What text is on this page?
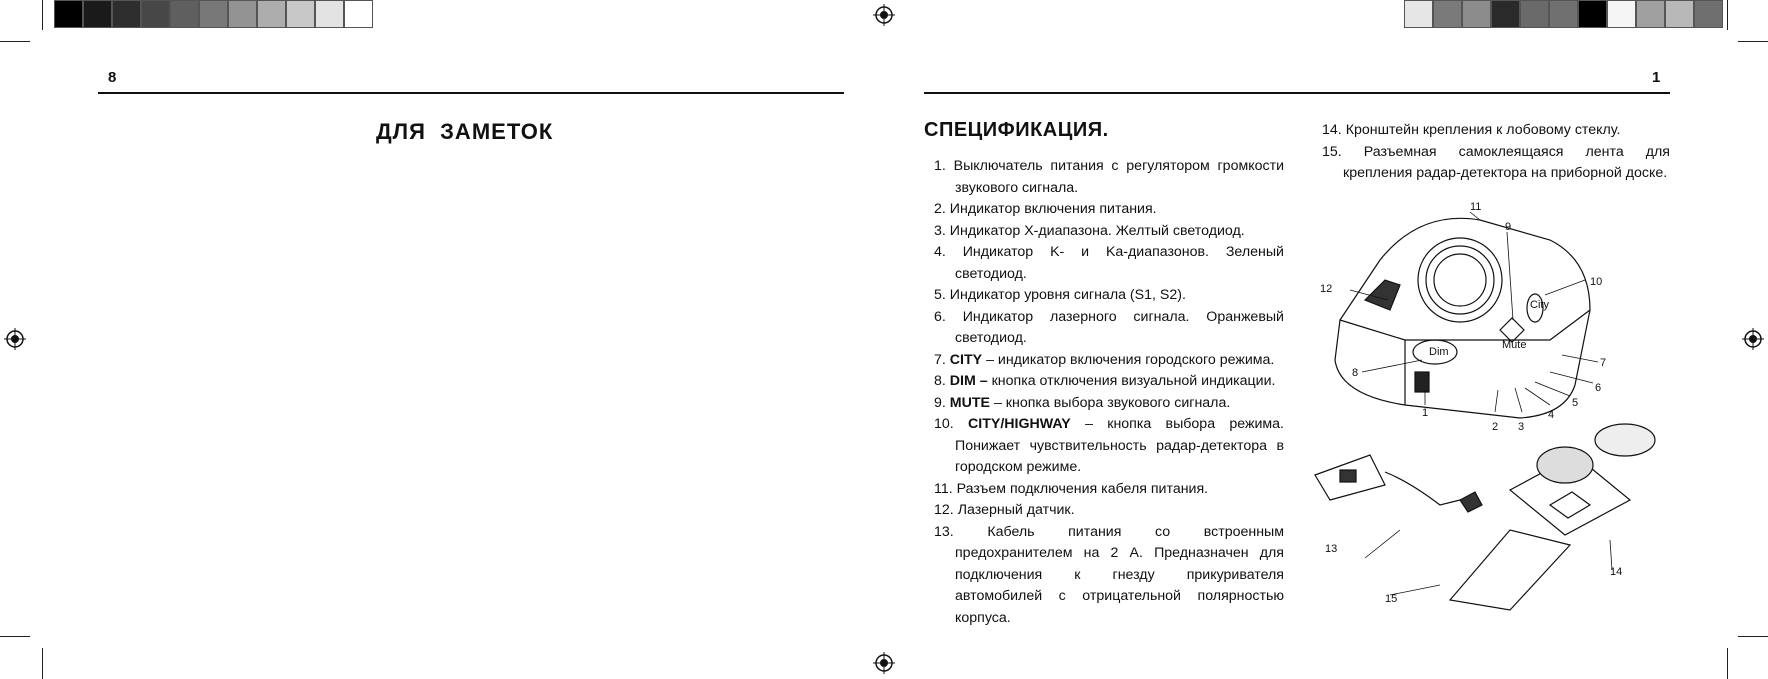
8
ДЛЯ  ЗАМЕТОК
1
СПЕЦИФИКАЦИЯ.
1. Выключатель питания с регулятором громкости звукового сигнала.
2. Индикатор включения питания.
3. Индикатор X-диапазона. Желтый светодиод.
4. Индикатор K- и Ka-диапазонов. Зеленый светодиод.
5. Индикатор уровня сигнала (S1, S2).
6. Индикатор лазерного сигнала. Оранжевый светодиод.
7. CITY – индикатор включения городского режима.
8. DIM – кнопка отключения визуальной индикации.
9. MUTE – кнопка выбора звукового сигнала.
10. CITY/HIGHWAY – кнопка выбора режима. Понижает чувствительность радар-детектора в городском режиме.
11. Разъем подключения кабеля питания.
12. Лазерный датчик.
13. Кабель питания со встроенным предохранителем на 2 А. Предназначен для подключения к гнезду прикуривателя автомобилей с отрицательной полярностью корпуса.
14. Кронштейн крепления к лобовому стеклу.
15. Разъемная самоклеящаяся лента для крепления радар-детектора на приборной доске.
Dim
Mute
City
12
11
9
10
8
7
6
5
4
3
2
1
13
14
15
